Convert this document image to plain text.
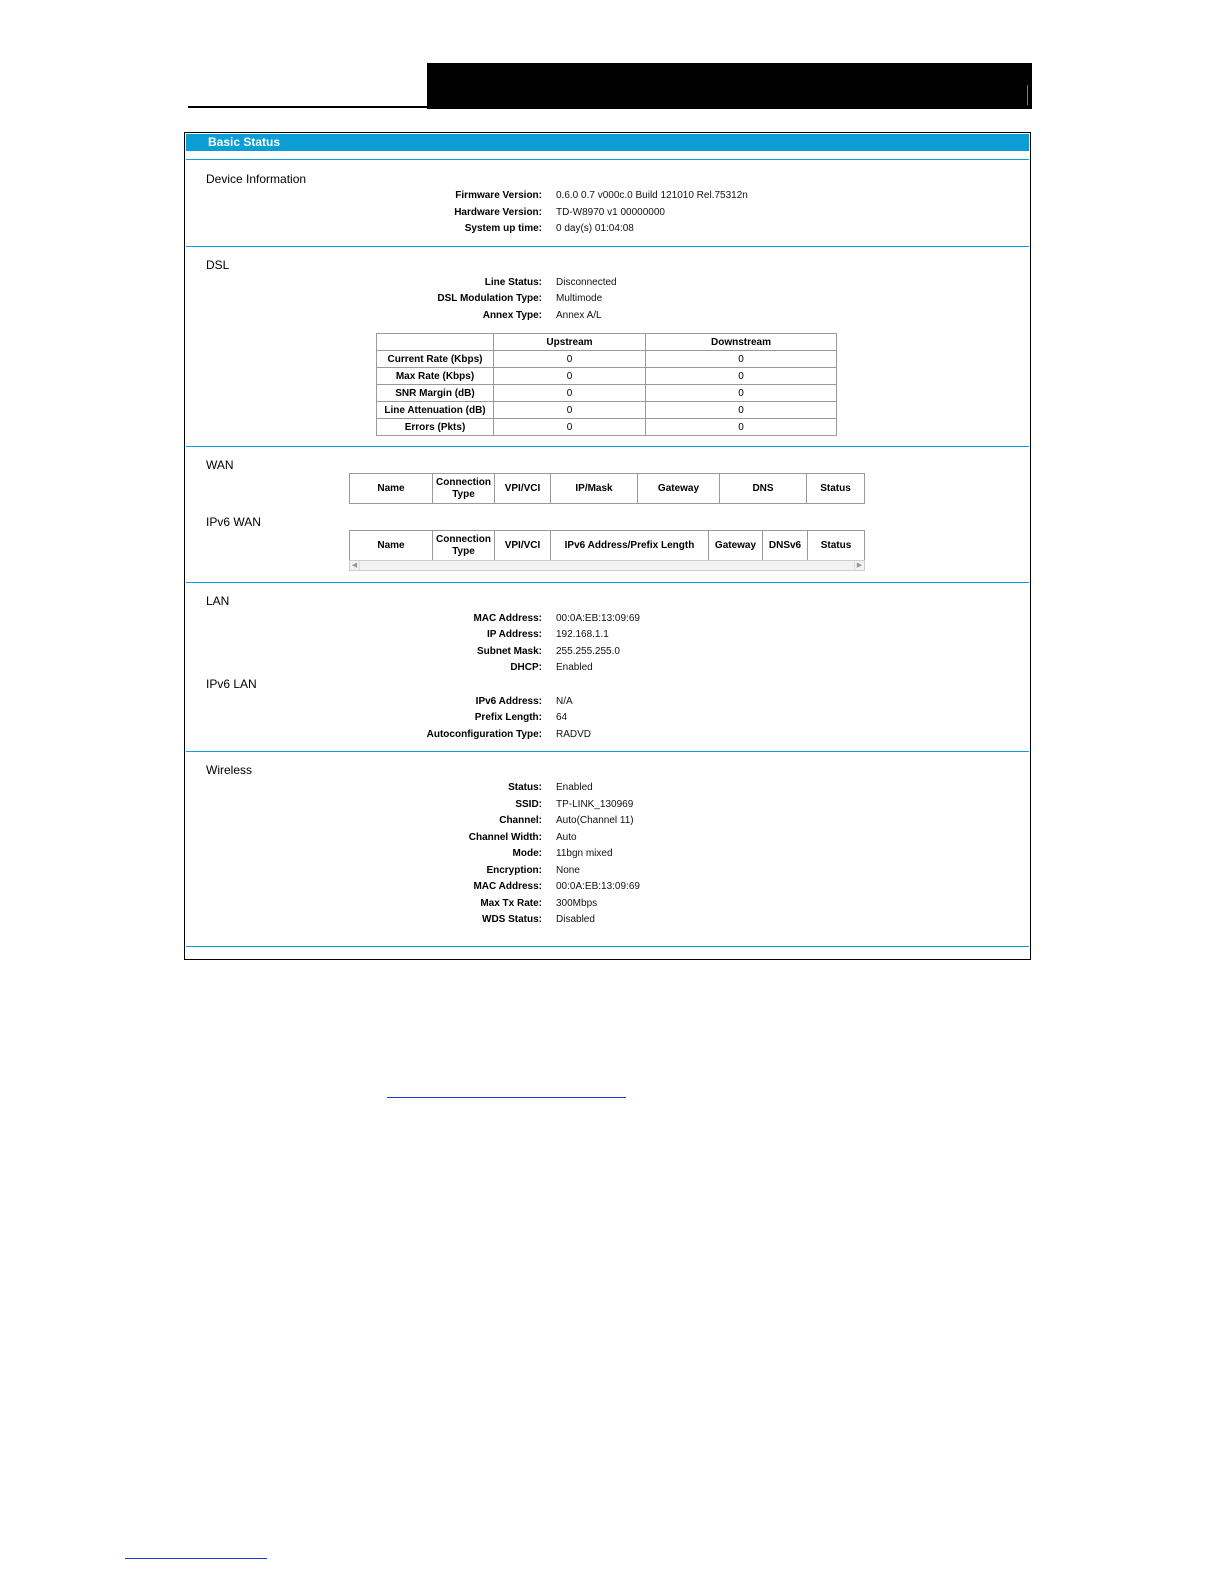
Basic Status
Device Information
Firmware Version: 0.6.0 0.7 v000c.0 Build 121010 Rel.75312n
Hardware Version: TD-W8970 v1 00000000
System up time: 0 day(s) 01:04:08
DSL
Line Status: Disconnected
DSL Modulation Type: Multimode
Annex Type: Annex A/L
	Upstream	Downstream
Current Rate (Kbps)	0	0
Max Rate (Kbps)	0	0
SNR Margin (dB)	0	0
Line Attenuation (dB)	0	0
Errors (Pkts)	0	0
WAN
Name	Connection Type	VPI/VCI	IP/Mask	Gateway	DNS	Status
IPv6 WAN
Name	Connection Type	VPI/VCI	IPv6 Address/Prefix Length	Gateway	DNSv6	Status
◀	▶
LAN
MAC Address: 00:0A:EB:13:09:69
IP Address: 192.168.1.1
Subnet Mask: 255.255.255.0
DHCP: Enabled
IPv6 LAN
IPv6 Address: N/A
Prefix Length: 64
Autoconfiguration Type: RADVD
Wireless
Status: Enabled
SSID: TP-LINK_130969
Channel: Auto(Channel 11)
Channel Width: Auto
Mode: 11bgn mixed
Encryption: None
MAC Address: 00:0A:EB:13:09:69
Max Tx Rate: 300Mbps
WDS Status: Disabled
